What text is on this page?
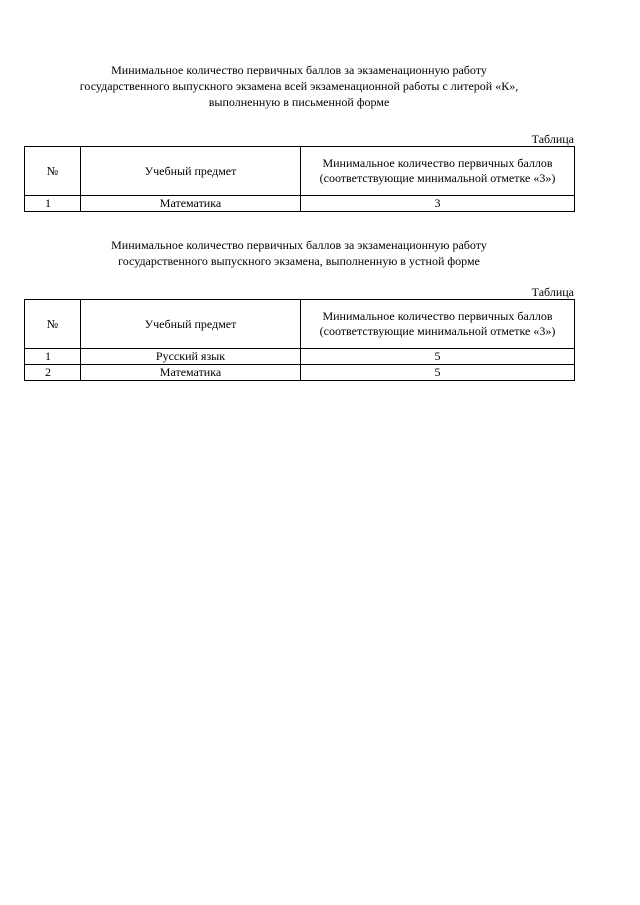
Минимальное количество первичных баллов за экзаменационную работу
государственного выпускного экзамена всей экзаменационной работы с литерой «К»,
выполненную в письменной форме
Таблица
№	Учебный предмет	Минимальное количество первичных баллов (соответствующие минимальной отметке «3»)
1	Математика	3
Минимальное количество первичных баллов за экзаменационную работу
государственного выпускного экзамена, выполненную в устной форме
Таблица
№	Учебный предмет	Минимальное количество первичных баллов (соответствующие минимальной отметке «3»)
1	Русский язык	5
2	Математика	5
